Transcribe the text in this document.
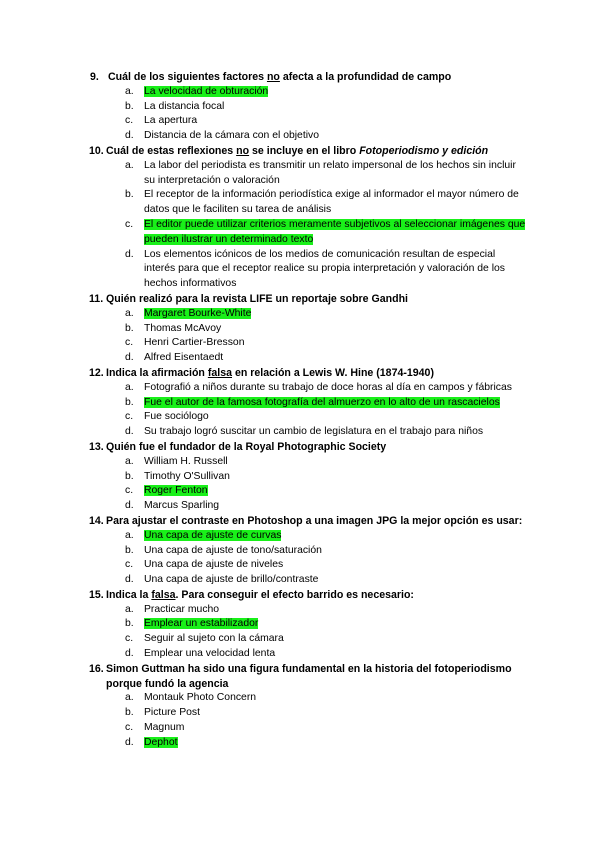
9. Cuál de los siguientes factores no afecta a la profundidad de campo
a. La velocidad de obturación
b. La distancia focal
c.	La apertura
d. Distancia de la cámara con el objetivo
10. Cuál de estas reflexiones no se incluye en el libro Fotoperiodismo y edición
a. La labor del periodista es transmitir un relato impersonal de los hechos sin incluir su interpretación o valoración
b. El receptor de la información periodística exige al informador el mayor número de datos que le faciliten su tarea de análisis
c.	El editor puede utilizar criterios meramente subjetivos al seleccionar imágenes que pueden ilustrar un determinado texto
d. Los elementos icónicos de los medios de comunicación resultan de especial interés para que el receptor realice su propia interpretación y valoración de los hechos informativos
11. Quién realizó para la revista LIFE un reportaje sobre Gandhi
a. Margaret Bourke-White
b. Thomas McAvoy
c.	Henri Cartier-Bresson
d. Alfred Eisentaedt
12. Indica la afirmación falsa en relación a Lewis W. Hine (1874-1940)
a. Fotografió a niños durante su trabajo de doce horas al día en campos y fábricas
b. Fue el autor de la famosa fotografía del almuerzo en lo alto de un rascacielos
c.	Fue sociólogo
d. Su trabajo logró suscitar un cambio de legislatura en el trabajo para niños
13. Quién fue el fundador de la Royal Photographic Society
a. William H. Russell
b. Timothy O'Sullivan
c.	Roger Fenton
d. Marcus Sparling
14. Para ajustar el contraste en Photoshop a una imagen JPG la mejor opción es usar:
a. Una capa de ajuste de curvas
b. Una capa de ajuste de tono/saturación
c.	Una capa de ajuste de niveles
d. Una capa de ajuste de brillo/contraste
15. Indica la falsa. Para conseguir el efecto barrido es necesario:
a. Practicar mucho
b. Emplear un estabilizador
c.	Seguir al sujeto con la cámara
d. Emplear una velocidad lenta
16. Simon Guttman ha sido una figura fundamental en la historia del fotoperiodismo porque fundó la agencia
a. Montauk Photo Concern
b. Picture Post
c.	Magnum
d. Dephot
